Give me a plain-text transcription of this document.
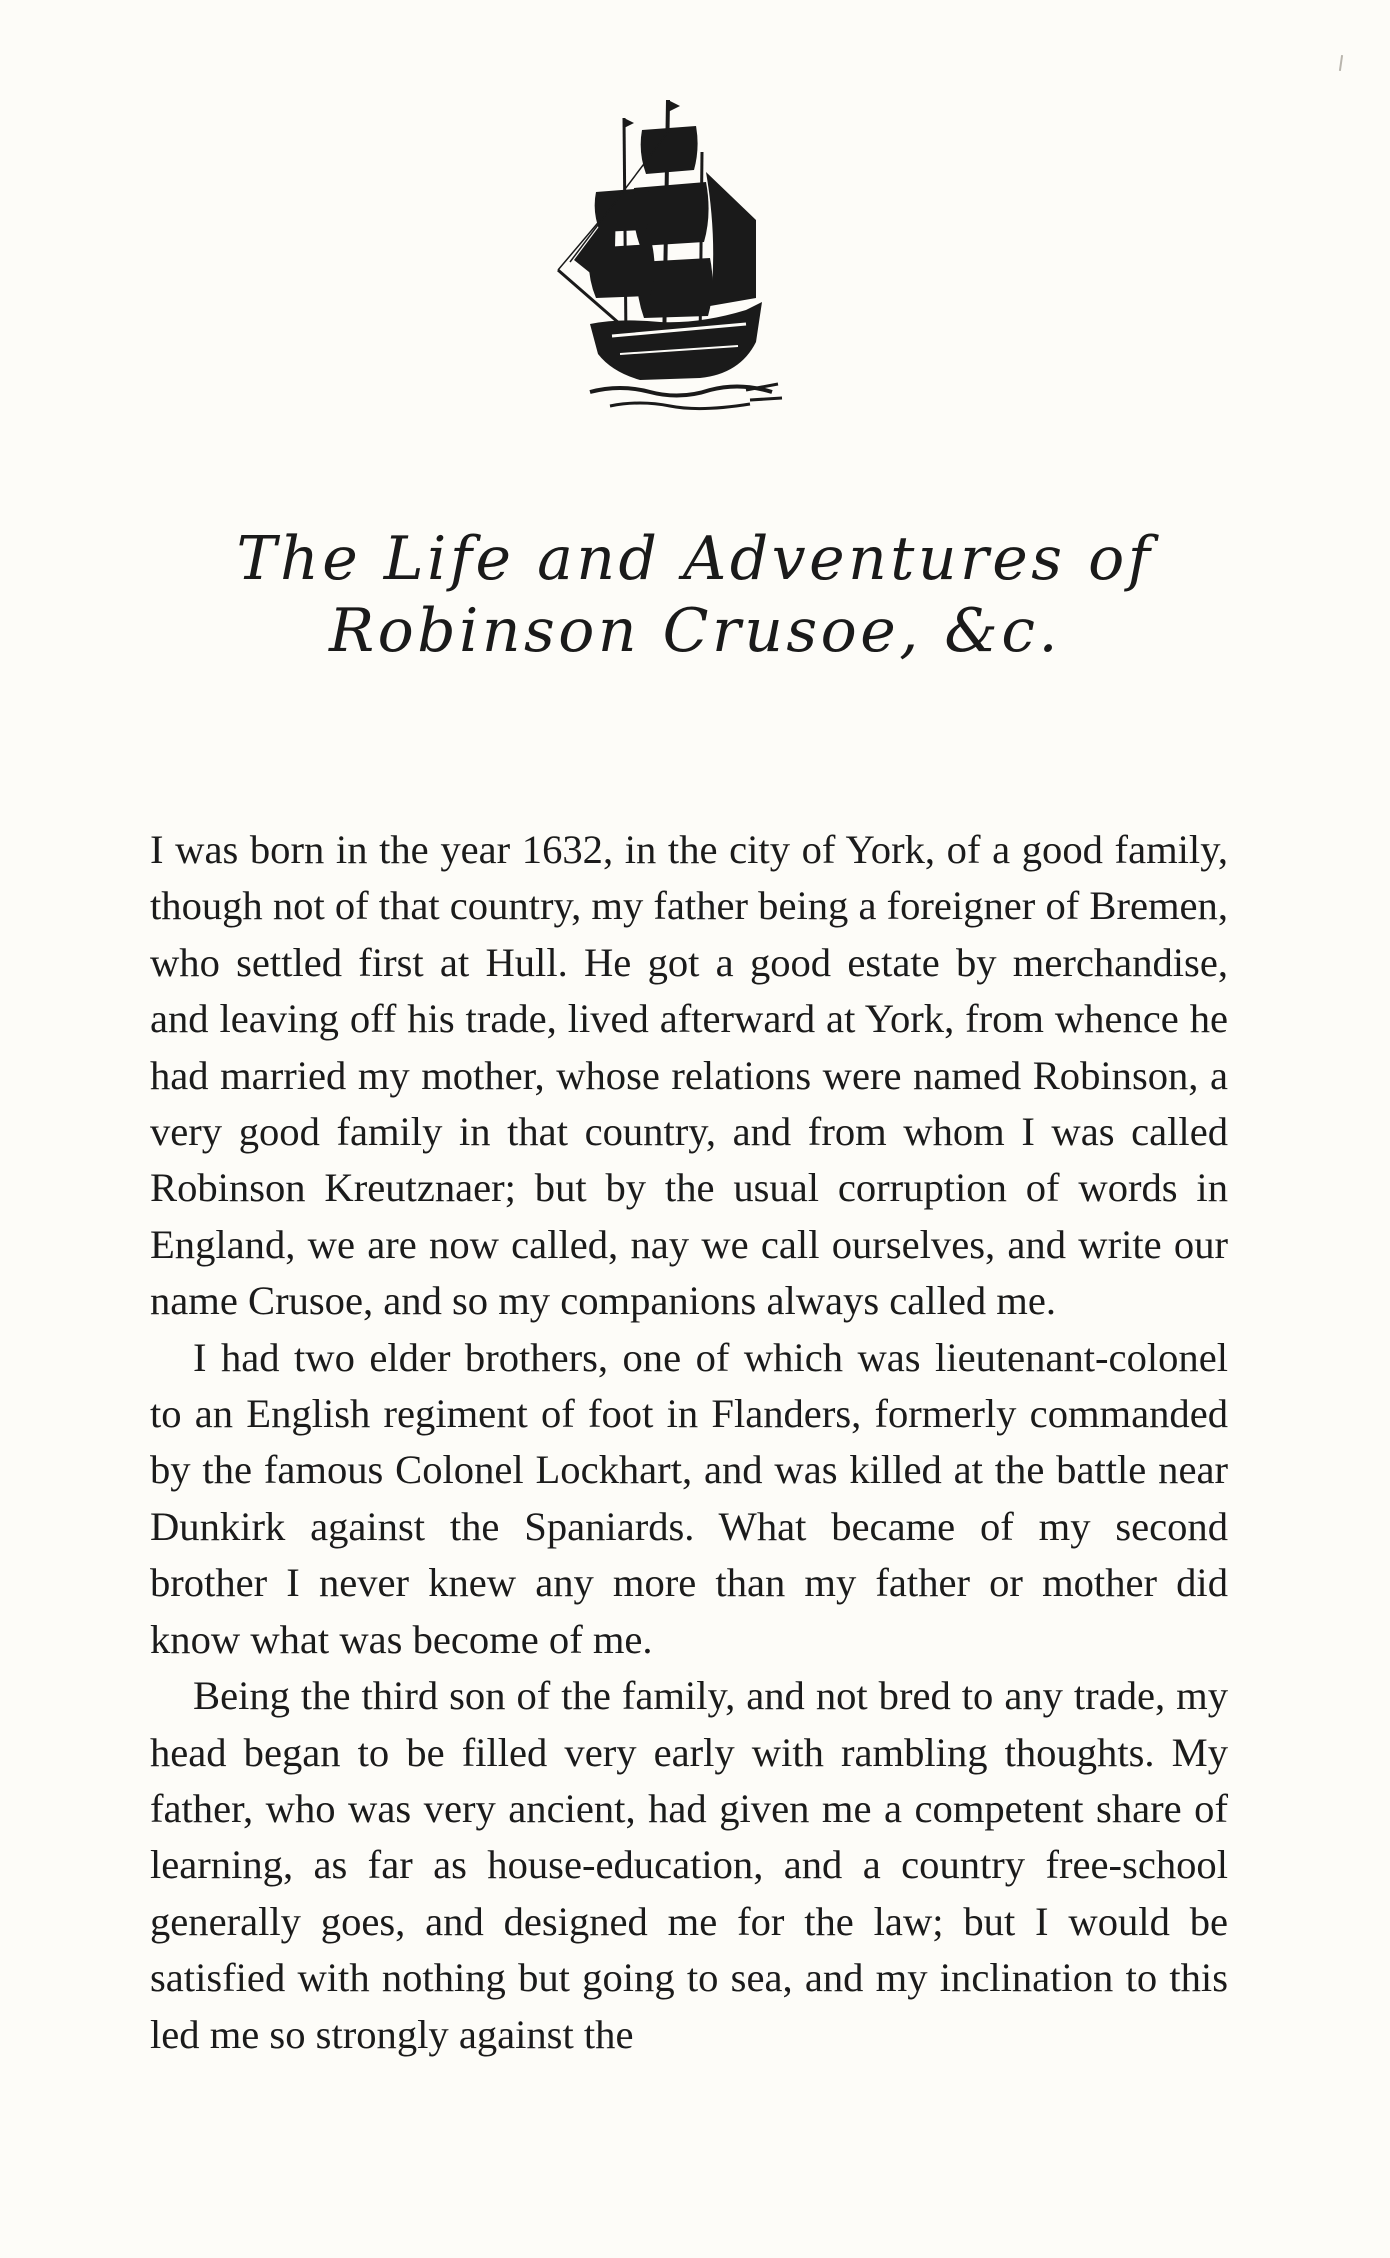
The Life and Adventures of
Robinson Crusoe, &c.

I was born in the year 1632, in the city of York, of a good family, though not of that country, my father being a foreigner of Bremen, who settled first at Hull. He got a good estate by merchandise, and leaving off his trade, lived afterward at York, from whence he had married my mother, whose relations were named Robinson, a very good family in that country, and from whom I was called Robinson Kreutznaer; but by the usual corruption of words in England, we are now called, nay we call ourselves, and write our name Crusoe, and so my companions always called me.

I had two elder brothers, one of which was lieutenant-colonel to an English regiment of foot in Flanders, formerly commanded by the famous Colonel Lockhart, and was killed at the battle near Dunkirk against the Spaniards. What became of my second brother I never knew any more than my father or mother did know what was become of me.

Being the third son of the family, and not bred to any trade, my head began to be filled very early with rambling thoughts. My father, who was very ancient, had given me a competent share of learning, as far as house-education, and a country free-school generally goes, and designed me for the law; but I would be satisfied with nothing but going to sea, and my inclination to this led me so strongly against the
